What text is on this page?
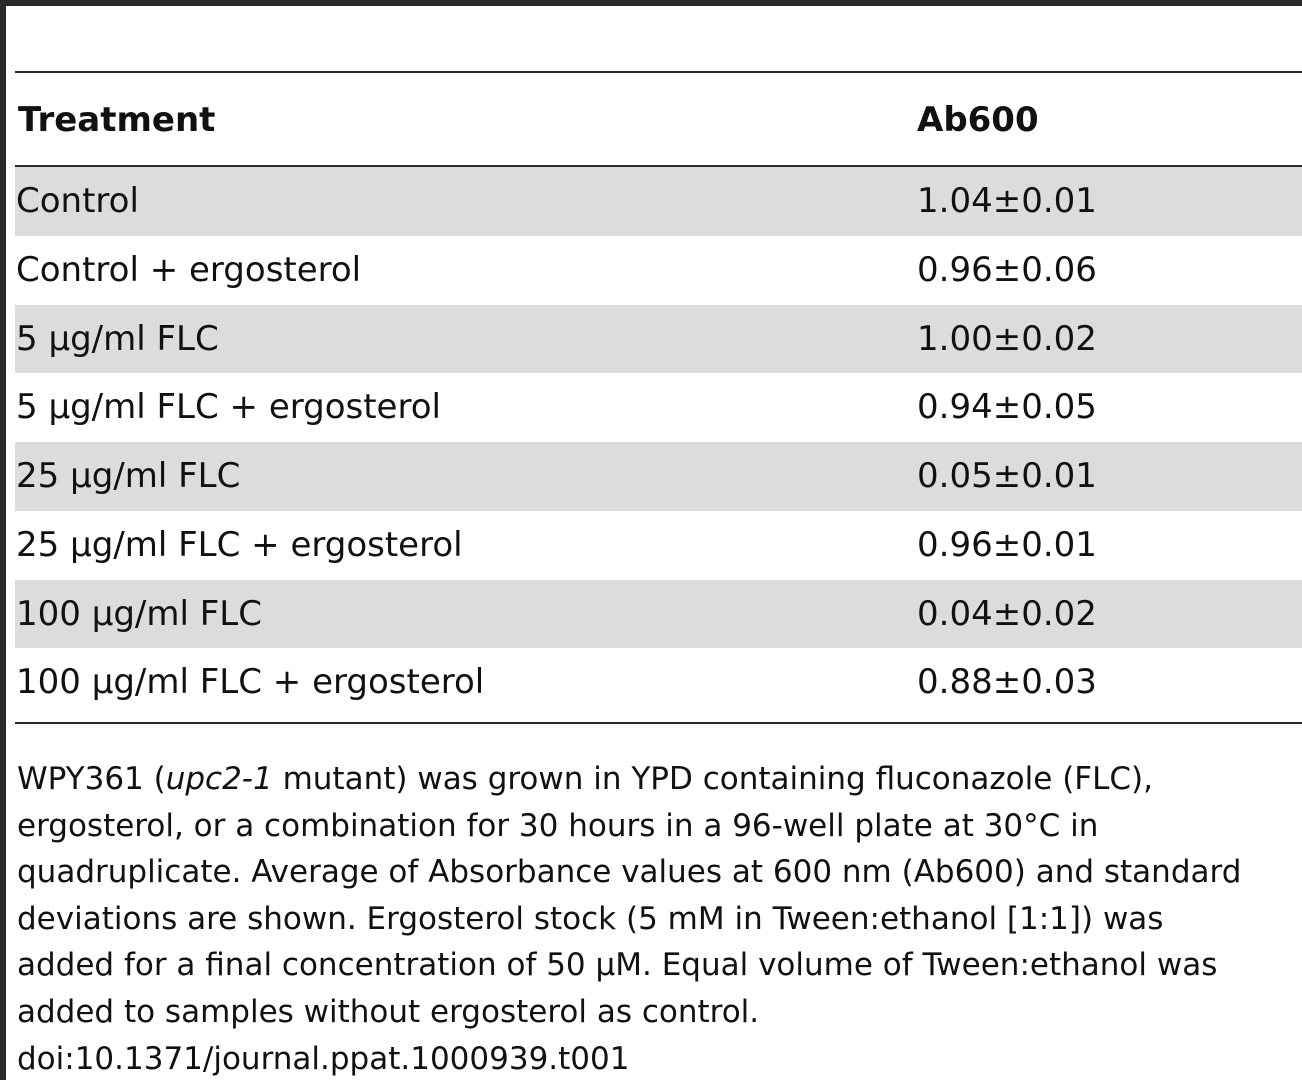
Treatment	Ab600
Control	1.04±0.01
Control + ergosterol	0.96±0.06
5 µg/ml FLC	1.00±0.02
5 µg/ml FLC + ergosterol	0.94±0.05
25 µg/ml FLC	0.05±0.01
25 µg/ml FLC + ergosterol	0.96±0.01
100 µg/ml FLC	0.04±0.02
100 µg/ml FLC + ergosterol	0.88±0.03
WPY361 (upc2-1 mutant) was grown in YPD containing fluconazole (FLC),
ergosterol, or a combination for 30 hours in a 96-well plate at 30°C in
quadruplicate. Average of Absorbance values at 600 nm (Ab600) and standard
deviations are shown. Ergosterol stock (5 mM in Tween:ethanol [1:1]) was
added for a final concentration of 50 µM. Equal volume of Tween:ethanol was
added to samples without ergosterol as control.
doi:10.1371/journal.ppat.1000939.t001
